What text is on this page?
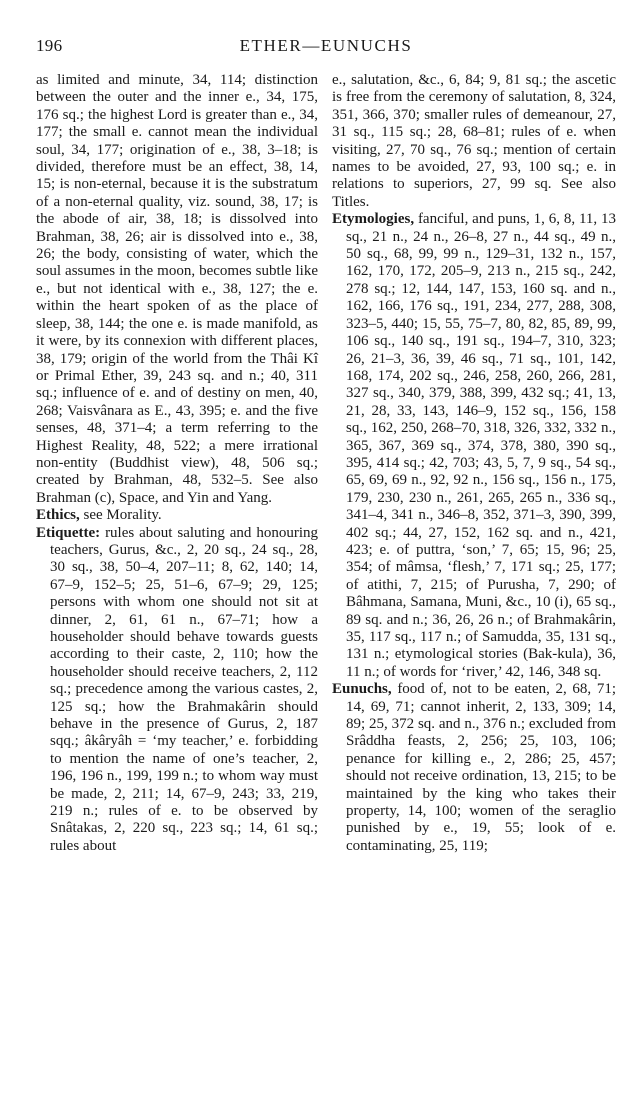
196	ETHER—EUNUCHS

as limited and minute, 34, 114; distinction between the outer and the inner e., 34, 175, 176 sq.; the highest Lord is greater than e., 34, 177; the small e. cannot mean the individual soul, 34, 177; origination of e., 38, 3–18; is divided, therefore must be an effect, 38, 14, 15; is non-eternal, because it is the substratum of a non-eternal quality, viz. sound, 38, 17; is the abode of air, 38, 18; is dissolved into Brahman, 38, 26; air is dissolved into e., 38, 26; the body, consisting of water, which the soul assumes in the moon, becomes subtle like e., but not identical with e., 38, 127; the e. within the heart spoken of as the place of sleep, 38, 144; the one e. is made manifold, as it were, by its connexion with different places, 38, 179; origin of the world from the Thâi Kî or Primal Ether, 39, 243 sq. and n.; 40, 311 sq.; influence of e. and of destiny on men, 40, 268; Vaisvânara as E., 43, 395; e. and the five senses, 48, 371–4; a term referring to the Highest Reality, 48, 522; a mere irrational non-entity (Buddhist view), 48, 506 sq.; created by Brahman, 48, 532–5. See also Brahman (c), Space, and Yin and Yang.

Ethics, see Morality.

Etiquette: rules about saluting and honouring teachers, Gurus, &c., 2, 20 sq., 24 sq., 28, 30 sq., 38, 50–4, 207–11; 8, 62, 140; 14, 67–9, 152–5; 25, 51–6, 67–9; 29, 125; persons with whom one should not sit at dinner, 2, 61, 61 n., 67–71; how a householder should behave towards guests according to their caste, 2, 110; how the householder should receive teachers, 2, 112 sq.; precedence among the various castes, 2, 125 sq.; how the Brahmakârin should behave in the presence of Gurus, 2, 187 sqq.; âkâryâh = ‘my teacher,’ e. forbidding to mention the name of one’s teacher, 2, 196, 196 n., 199, 199 n.; to whom way must be made, 2, 211; 14, 67–9, 243; 33, 219, 219 n.; rules of e. to be observed by Snâtakas, 2, 220 sq., 223 sq.; 14, 61 sq.; rules about

e., salutation, &c., 6, 84; 9, 81 sq.; the ascetic is free from the ceremony of salutation, 8, 324, 351, 366, 370; smaller rules of demeanour, 27, 31 sq., 115 sq.; 28, 68–81; rules of e. when visiting, 27, 70 sq., 76 sq.; mention of certain names to be avoided, 27, 93, 100 sq.; e. in relations to superiors, 27, 99 sq. See also Titles.

Etymologies, fanciful, and puns, 1, 6, 8, 11, 13 sq., 21 n., 24 n., 26–8, 27 n., 44 sq., 49 n., 50 sq., 68, 99, 99 n., 129–31, 132 n., 157, 162, 170, 172, 205–9, 213 n., 215 sq., 242, 278 sq.; 12, 144, 147, 153, 160 sq. and n., 162, 166, 176 sq., 191, 234, 277, 288, 308, 323–5, 440; 15, 55, 75–7, 80, 82, 85, 89, 99, 106 sq., 140 sq., 191 sq., 194–7, 310, 323; 26, 21–3, 36, 39, 46 sq., 71 sq., 101, 142, 168, 174, 202 sq., 246, 258, 260, 266, 281, 327 sq., 340, 379, 388, 399, 432 sq.; 41, 13, 21, 28, 33, 143, 146–9, 152 sq., 156, 158 sq., 162, 250, 268–70, 318, 326, 332, 332 n., 365, 367, 369 sq., 374, 378, 380, 390 sq., 395, 414 sq.; 42, 703; 43, 5, 7, 9 sq., 54 sq., 65, 69, 69 n., 92, 92 n., 156 sq., 156 n., 175, 179, 230, 230 n., 261, 265, 265 n., 336 sq., 341–4, 341 n., 346–8, 352, 371–3, 390, 399, 402 sq.; 44, 27, 152, 162 sq. and n., 421, 423; e. of puttra, ‘son,’ 7, 65; 15, 96; 25, 354; of mâmsa, ‘flesh,’ 7, 171 sq.; 25, 177; of atithi, 7, 215; of Purusha, 7, 290; of Bâhmana, Samana, Muni, &c., 10 (i), 65 sq., 89 sq. and n.; 36, 26, 26 n.; of Brahmakârin, 35, 117 sq., 117 n.; of Samudda, 35, 131 sq., 131 n.; etymological stories (Bak-kula), 36, 11 n.; of words for ‘river,’ 42, 146, 348 sq.

Eunuchs, food of, not to be eaten, 2, 68, 71; 14, 69, 71; cannot inherit, 2, 133, 309; 14, 89; 25, 372 sq. and n., 376 n.; excluded from Srâddha feasts, 2, 256; 25, 103, 106; penance for killing e., 2, 286; 25, 457; should not receive ordination, 13, 215; to be maintained by the king who takes their property, 14, 100; women of the seraglio punished by e., 19, 55; look of e. contaminating, 25, 119;
